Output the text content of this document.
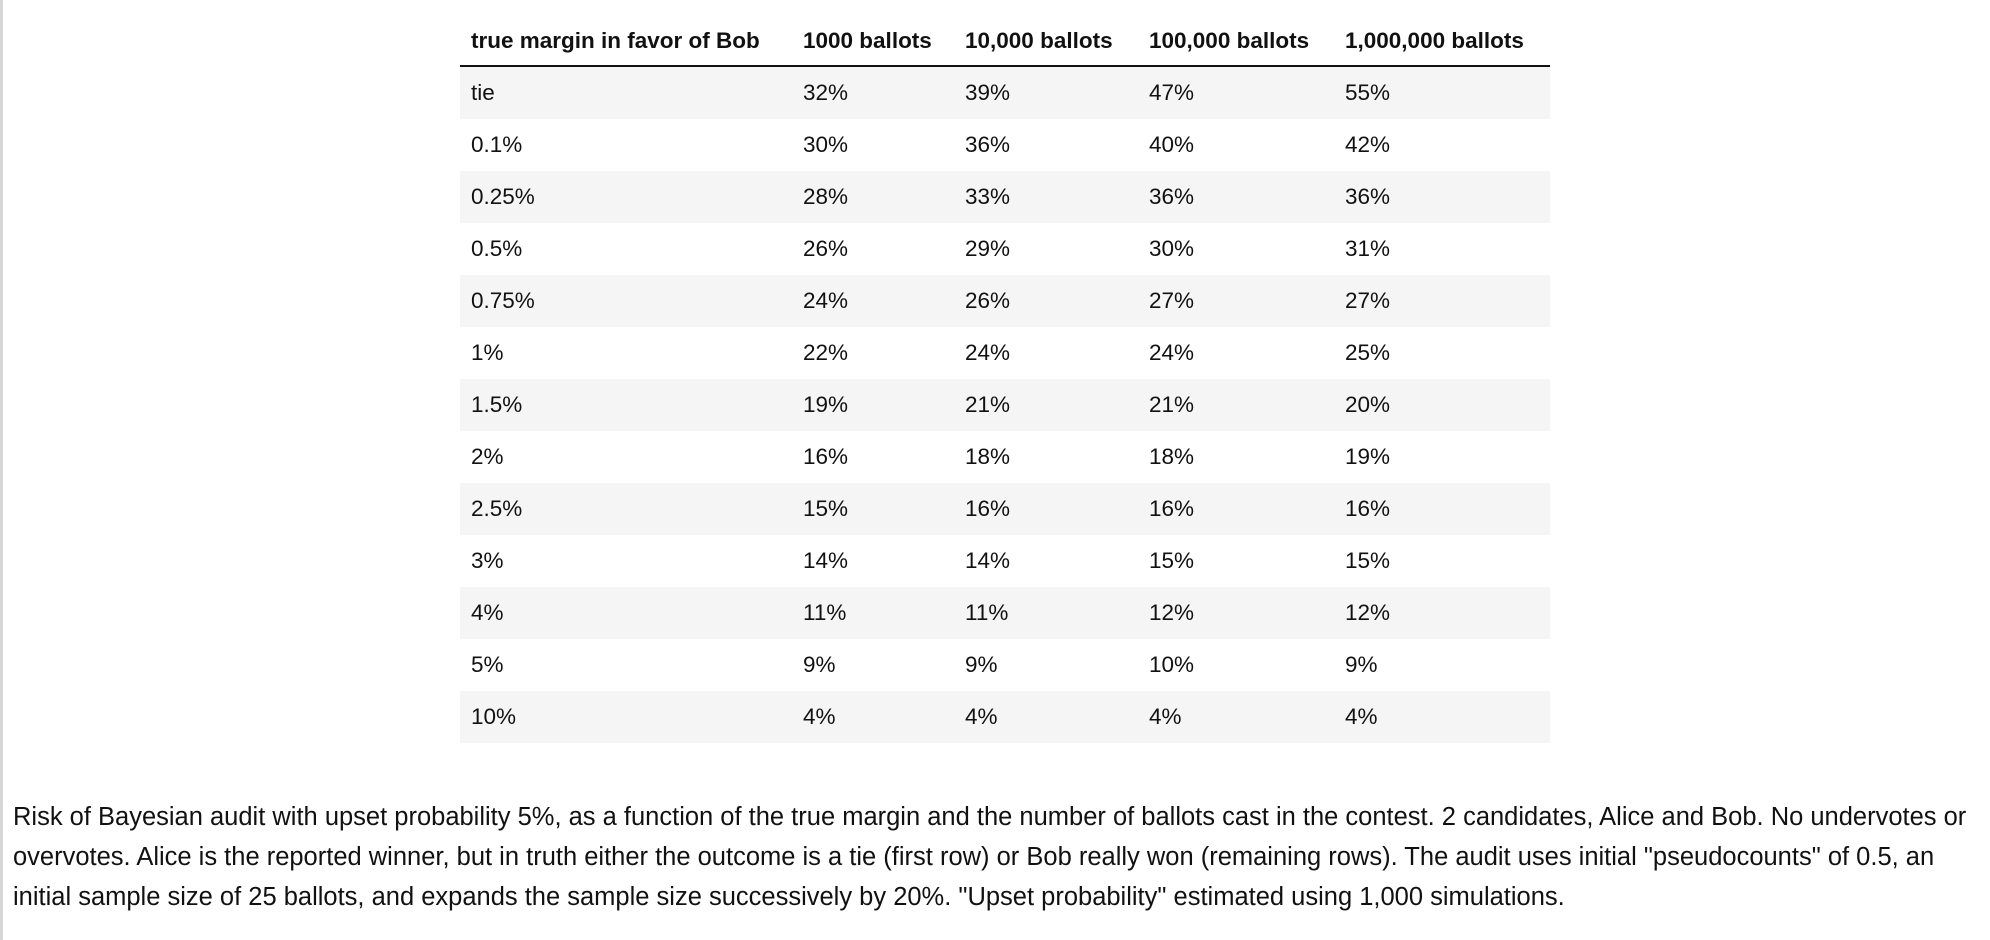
true margin in favor of Bob	1000 ballots	10,000 ballots	100,000 ballots	1,000,000 ballots
tie	32%	39%	47%	55%
0.1%	30%	36%	40%	42%
0.25%	28%	33%	36%	36%
0.5%	26%	29%	30%	31%
0.75%	24%	26%	27%	27%
1%	22%	24%	24%	25%
1.5%	19%	21%	21%	20%
2%	16%	18%	18%	19%
2.5%	15%	16%	16%	16%
3%	14%	14%	15%	15%
4%	11%	11%	12%	12%
5%	9%	9%	10%	9%
10%	4%	4%	4%	4%

Risk of Bayesian audit with upset probability 5%, as a function of the true margin and the number of ballots cast in the contest. 2 candidates, Alice and Bob. No undervotes or overvotes. Alice is the reported winner, but in truth either the outcome is a tie (first row) or Bob really won (remaining rows). The audit uses initial "pseudocounts" of 0.5, an initial sample size of 25 ballots, and expands the sample size successively by 20%. "Upset probability" estimated using 1,000 simulations.
